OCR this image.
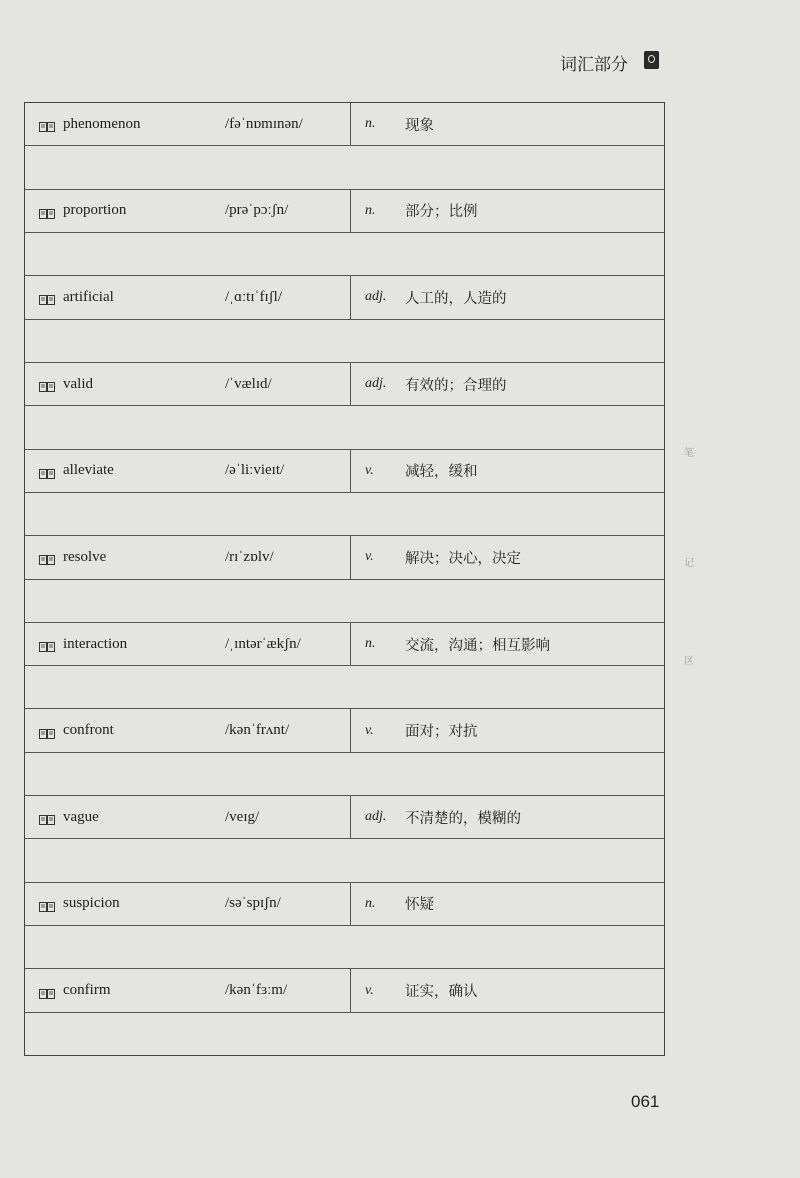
词汇部分
phenomenon	/fəˈnɒmɪnən/	n. 现象
proportion	/prəˈpɔːʃn/	n. 部分；比例
artificial	/ˌɑːtɪˈfɪʃl/	adj. 人工的，人造的
valid	/ˈvælɪd/	adj. 有效的；合理的
alleviate	/əˈliːvieɪt/	v. 减轻，缓和
resolve	/rɪˈzɒlv/	v. 解决；决心，决定
interaction	/ˌɪntərˈækʃn/	n. 交流，沟通；相互影响
confront	/kənˈfrʌnt/	v. 面对；对抗
vague	/veɪg/	adj. 不清楚的，模糊的
suspicion	/səˈspɪʃn/	n. 怀疑
confirm	/kənˈfɜːm/	v. 证实，确认
笔
记
区
061
